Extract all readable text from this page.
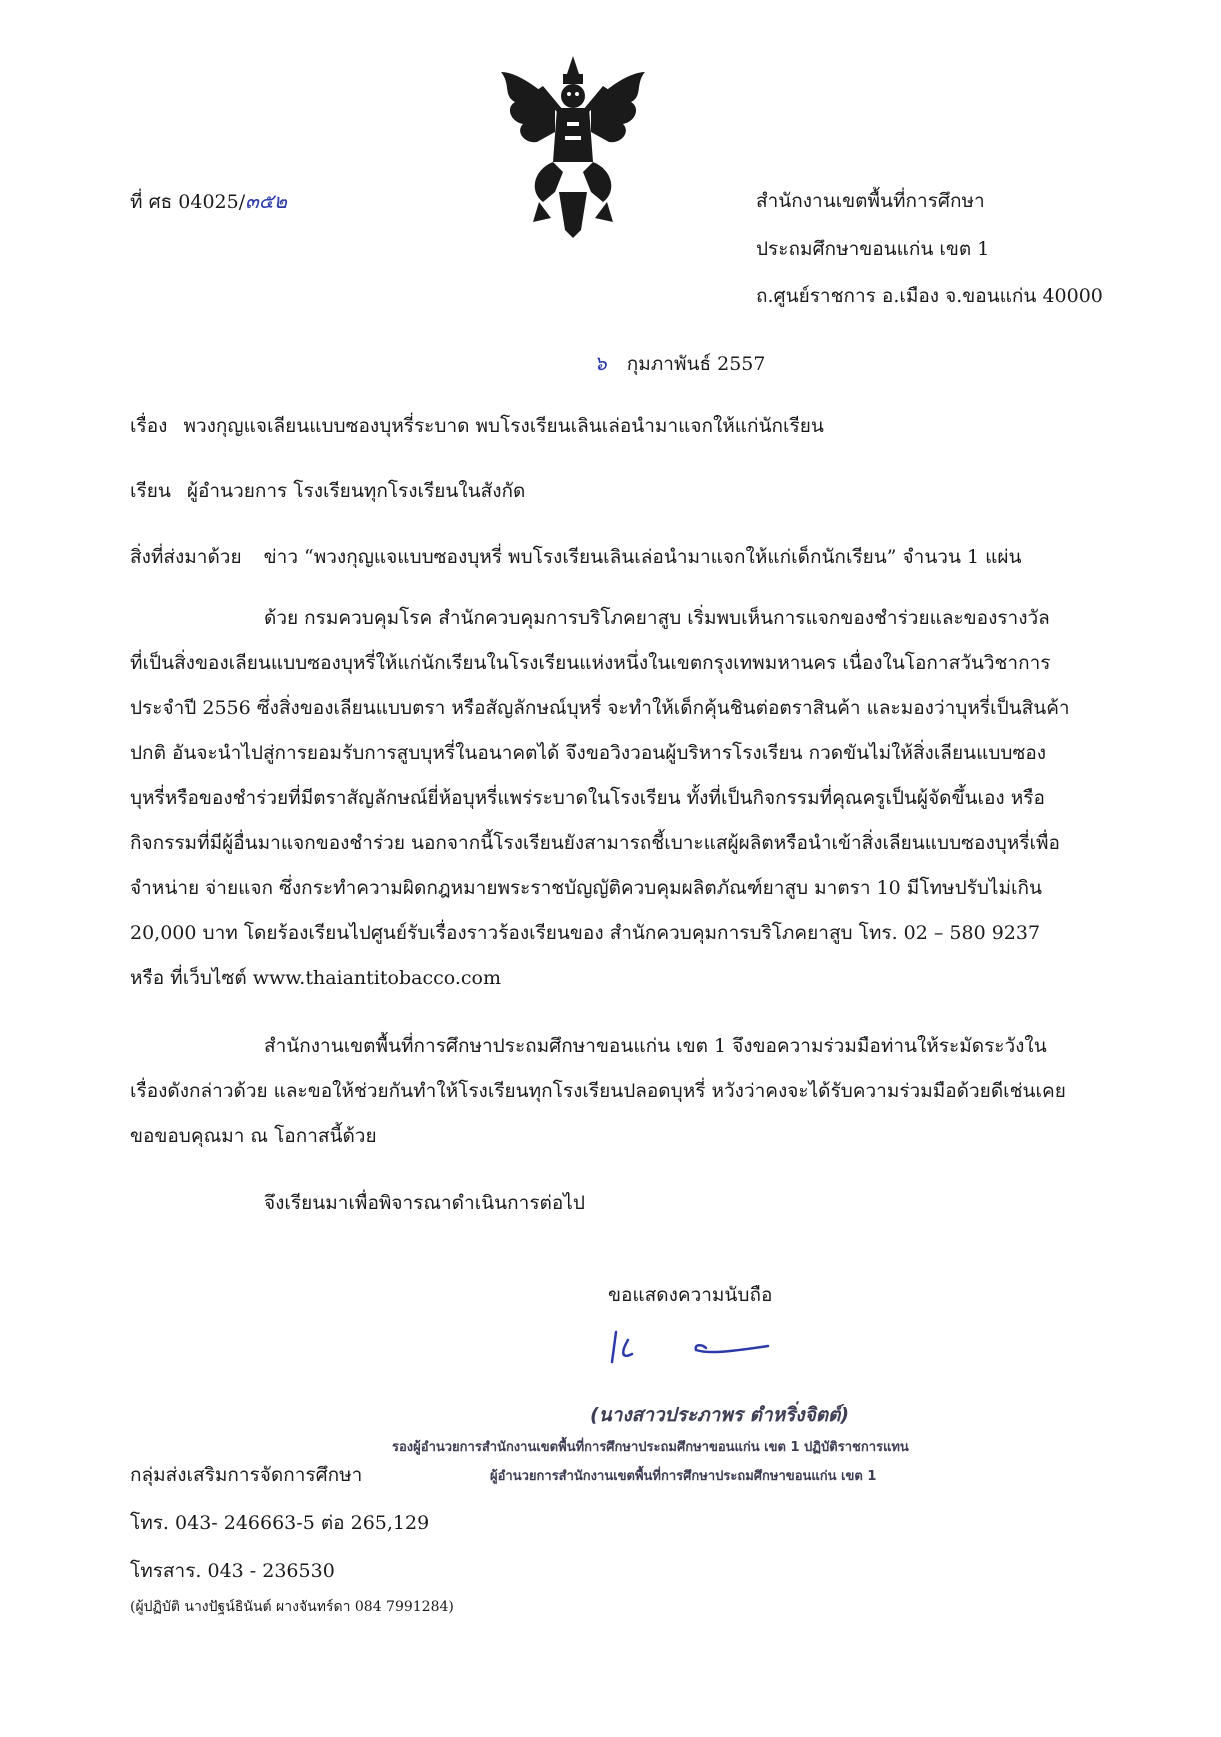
ที่ ศธ 04025/๓๕๒	สำนักงานเขตพื้นที่การศึกษา
ประถมศึกษาขอนแก่น เขต 1
ถ.ศูนย์ราชการ อ.เมือง จ.ขอนแก่น 40000
๖ กุมภาพันธ์ 2557
เรื่อง พวงกุญแจเลียนแบบซองบุหรี่ระบาด พบโรงเรียนเลินเล่อนำมาแจกให้แก่นักเรียน
เรียน ผู้อำนวยการ โรงเรียนทุกโรงเรียนในสังกัด
สิ่งที่ส่งมาด้วย ข่าว “พวงกุญแจแบบซองบุหรี่ พบโรงเรียนเลินเล่อนำมาแจกให้แก่เด็กนักเรียน” จำนวน 1 แผ่น
ด้วย กรมควบคุมโรค สำนักควบคุมการบริโภคยาสูบ เริ่มพบเห็นการแจกของชำร่วยและของรางวัล
ที่เป็นสิ่งของเลียนแบบซองบุหรี่ให้แก่นักเรียนในโรงเรียนแห่งหนึ่งในเขตกรุงเทพมหานคร เนื่องในโอกาสวันวิชาการ
ประจำปี 2556 ซึ่งสิ่งของเลียนแบบตรา หรือสัญลักษณ์บุหรี่ จะทำให้เด็กคุ้นชินต่อตราสินค้า และมองว่าบุหรี่เป็นสินค้า
ปกติ อันจะนำไปสู่การยอมรับการสูบบุหรี่ในอนาคตได้ จึงขอวิงวอนผู้บริหารโรงเรียน กวดขันไม่ให้สิ่งเลียนแบบซอง
บุหรี่หรือของชำร่วยที่มีตราสัญลักษณ์ยี่ห้อบุหรี่แพร่ระบาดในโรงเรียน ทั้งที่เป็นกิจกรรมที่คุณครูเป็นผู้จัดขึ้นเอง หรือ
กิจกรรมที่มีผู้อื่นมาแจกของชำร่วย นอกจากนี้โรงเรียนยังสามารถชี้เบาะแสผู้ผลิตหรือนำเข้าสิ่งเลียนแบบซองบุหรี่เพื่อ
จำหน่าย จ่ายแจก ซึ่งกระทำความผิดกฎหมายพระราชบัญญัติควบคุมผลิตภัณฑ์ยาสูบ มาตรา 10 มีโทษปรับไม่เกิน
20,000 บาท โดยร้องเรียนไปศูนย์รับเรื่องราวร้องเรียนของ สำนักควบคุมการบริโภคยาสูบ โทร. 02 – 580 9237
หรือ ที่เว็บไซต์ www.thaiantitobacco.com
สำนักงานเขตพื้นที่การศึกษาประถมศึกษาขอนแก่น เขต 1 จึงขอความร่วมมือท่านให้ระมัดระวังใน
เรื่องดังกล่าวด้วย และขอให้ช่วยกันทำให้โรงเรียนทุกโรงเรียนปลอดบุหรี่ หวังว่าคงจะได้รับความร่วมมือด้วยดีเช่นเคย
ขอขอบคุณมา ณ โอกาสนี้ด้วย
จึงเรียนมาเพื่อพิจารณาดำเนินการต่อไป
ขอแสดงความนับถือ
(นางสาวประภาพร ตำหริ่งจิตต์)
รองผู้อำนวยการสำนักงานเขตพื้นที่การศึกษาประถมศึกษาขอนแก่น เขต 1 ปฏิบัติราชการแทน
ผู้อำนวยการสำนักงานเขตพื้นที่การศึกษาประถมศึกษาขอนแก่น เขต 1
กลุ่มส่งเสริมการจัดการศึกษา
โทร. 043- 246663-5 ต่อ 265,129
โทรสาร. 043 - 236530
(ผู้ปฏิบัติ นางปัฐน์ธินันต์ ผางจันทร์ดา 084 7991284)
